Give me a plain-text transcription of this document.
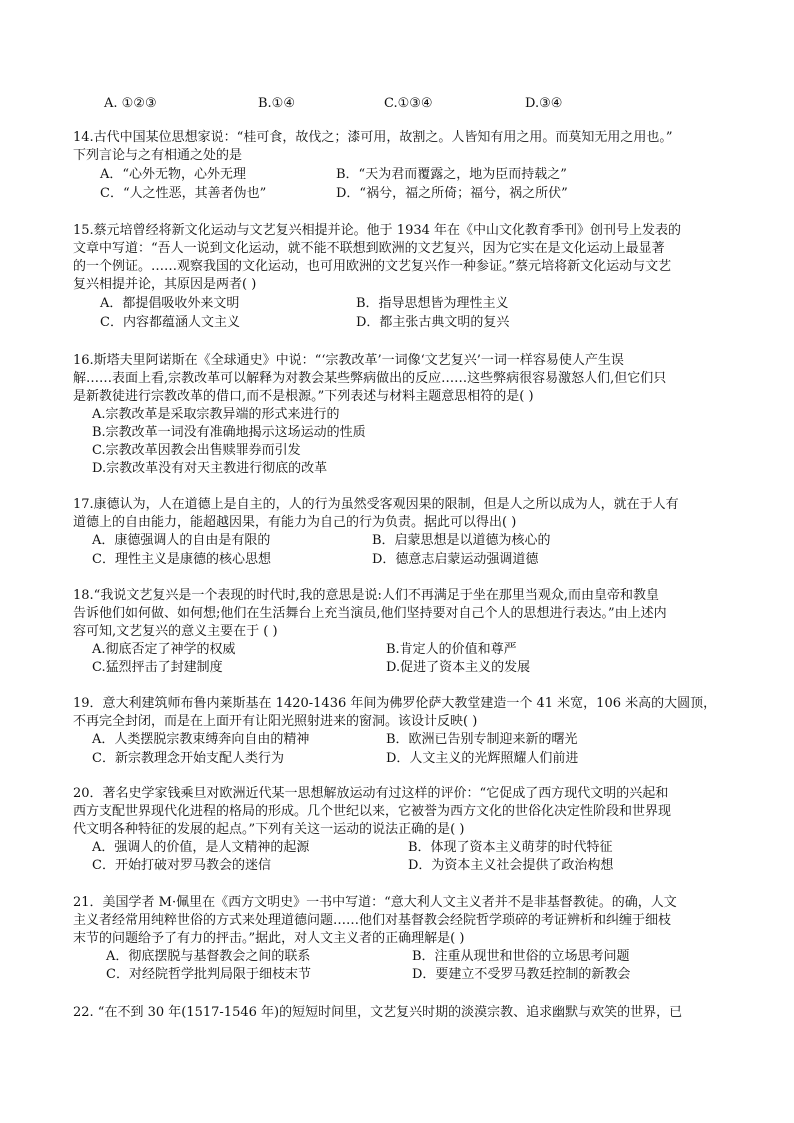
A. ①②③	B.①④	C.①③④	D.③④
14.古代中国某位思想家说：“桂可食，故伐之；漆可用，故割之。人皆知有用之用。而莫知无用之用也。”
下列言论与之有相通之处的是
A．“心外无物，心外无理	B．“天为君而覆露之，地为臣而持载之”
C．“人之性恶，其善者伪也”	D．“祸兮，福之所倚；福兮，祸之所伏”
15.蔡元培曾经将新文化运动与文艺复兴相提并论。他于 1934 年在《中山文化教育季刊》创刊号上发表的
文章中写道：“吾人一说到文化运动，就不能不联想到欧洲的文艺复兴，因为它实在是文化运动上最显著
的一个例证。……观察我国的文化运动，也可用欧洲的文艺复兴作一种参证。”蔡元培将新文化运动与文艺
复兴相提并论，其原因是两者( )
A．都提倡吸收外来文明	B．指导思想皆为理性主义
C．内容都蕴涵人文主义	D．都主张古典文明的复兴
16.斯塔夫里阿诺斯在《全球通史》中说：“‘宗教改革’一词像‘文艺复兴’一词一样容易使人产生误
解……表面上看,宗教改革可以解释为对教会某些弊病做出的反应……这些弊病很容易激怒人们,但它们只
是新教徒进行宗教改革的借口,而不是根源。”下列表述与材料主题意思相符的是( )
A.宗教改革是采取宗教异端的形式来进行的
B.宗教改革一词没有准确地揭示这场运动的性质
C.宗教改革因教会出售赎罪券而引发
D.宗教改革没有对天主教进行彻底的改革
17.康德认为，人在道德上是自主的，人的行为虽然受客观因果的限制，但是人之所以成为人，就在于人有
道德上的自由能力，能超越因果，有能力为自己的行为负责。据此可以得出( )
A．康德强调人的自由是有限的	B．启蒙思想是以道德为核心的
C．理性主义是康德的核心思想	D．德意志启蒙运动强调道德
18.“我说文艺复兴是一个表现的时代时,我的意思是说:人们不再满足于坐在那里当观众,而由皇帝和教皇
告诉他们如何做、如何想;他们在生活舞台上充当演员,他们坚持要对自己个人的思想进行表达。”由上述内
容可知,文艺复兴的意义主要在于 ( )
A.彻底否定了神学的权威	B.肯定人的价值和尊严
C.猛烈抨击了封建制度	D.促进了资本主义的发展
19．意大利建筑师布鲁内莱斯基在 1420-1436 年间为佛罗伦萨大教堂建造一个 41 米宽，106 米高的大圆顶，
不再完全封闭，而是在上面开有让阳光照射进来的窗洞。该设计反映( )
A．人类摆脱宗教束缚奔向自由的精神	B．欧洲已告别专制迎来新的曙光
C．新宗教理念开始支配人类行为	D．人文主义的光辉照耀人们前进
20．著名史学家钱乘旦对欧洲近代某一思想解放运动有过这样的评价：“它促成了西方现代文明的兴起和
西方支配世界现代化进程的格局的形成。几个世纪以来，它被誉为西方文化的世俗化决定性阶段和世界现
代文明各种特征的发展的起点。”下列有关这一运动的说法正确的是( )
A．强调人的价值，是人文精神的起源	B．体现了资本主义萌芽的时代特征
C．开始打破对罗马教会的迷信	D．为资本主义社会提供了政治构想
21．美国学者 M·佩里在《西方文明史》一书中写道：“意大利人文主义者并不是非基督教徒。的确，人文
主义者经常用纯粹世俗的方式来处理道德问题……他们对基督教会经院哲学琐碎的考证辨析和纠缠于细枝
末节的问题给予了有力的抨击。”据此，对人文主义者的正确理解是( )
A．彻底摆脱与基督教会之间的联系	B．注重从现世和世俗的立场思考问题
C．对经院哲学批判局限于细枝末节	D．要建立不受罗马教廷控制的新教会
22. “在不到 30 年(1517-1546 年)的短短时间里，文艺复兴时期的淡漠宗教、追求幽默与欢笑的世界，已
